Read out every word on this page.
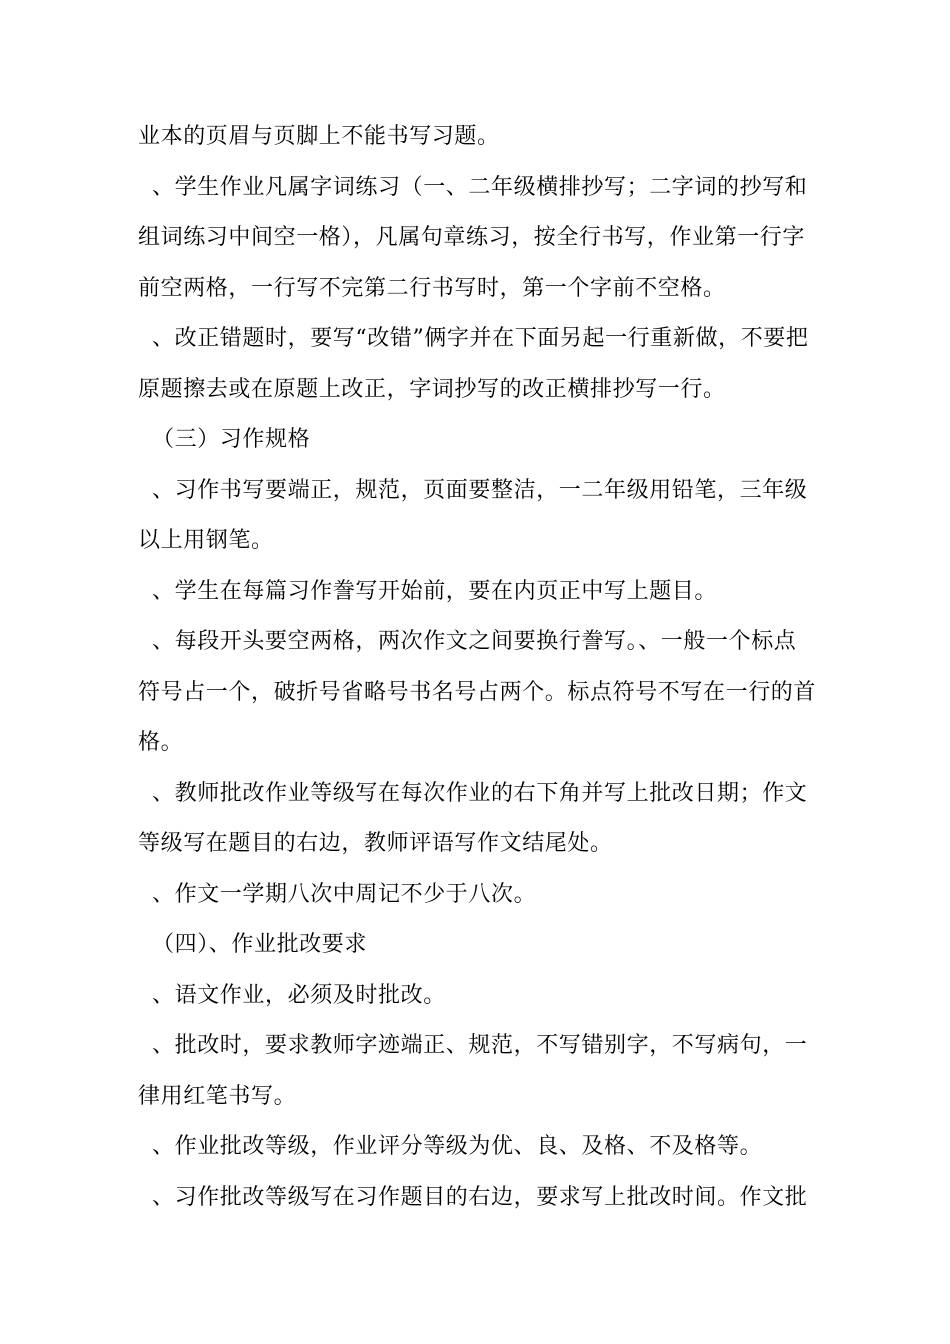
业本的页眉与页脚上不能书写习题。

、学生作业凡属字词练习（一、二年级横排抄写；二字词的抄写和组词练习中间空一格），凡属句章练习，按全行书写，作业第一行字前空两格，一行写不完第二行书写时，第一个字前不空格。

、改正错题时，要写“改错”俩字并在下面另起一行重新做，不要把原题擦去或在原题上改正，字词抄写的改正横排抄写一行。

（三）习作规格

、习作书写要端正，规范，页面要整洁，一二年级用铅笔，三年级以上用钢笔。

、学生在每篇习作誊写开始前，要在内页正中写上题目。

、每段开头要空两格，两次作文之间要换行誊写。、一般一个标点符号占一个，破折号省略号书名号占两个。标点符号不写在一行的首格。

、教师批改作业等级写在每次作业的右下角并写上批改日期；作文等级写在题目的右边，教师评语写作文结尾处。

、作文一学期八次中周记不少于八次。

（四）、作业批改要求

、语文作业，必须及时批改。

、批改时，要求教师字迹端正、规范，不写错别字，不写病句，一律用红笔书写。

、作业批改等级，作业评分等级为优、良、及格、不及格等。

、习作批改等级写在习作题目的右边，要求写上批改时间。作文批
